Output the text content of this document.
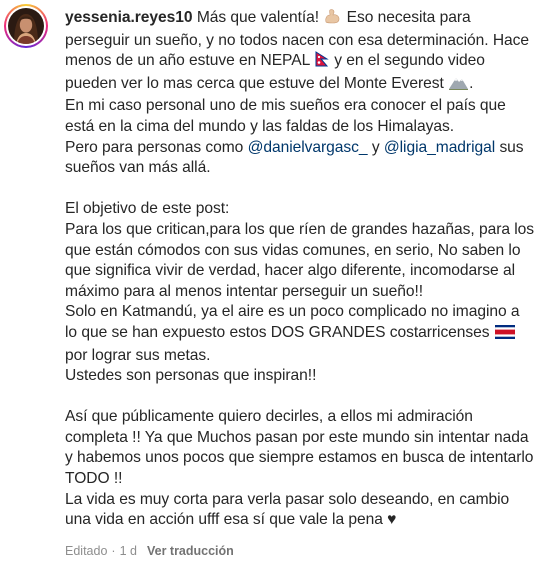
yessenia.reyes10 Más que valentía!  Eso necesita para perseguir un sueño, y no todos nacen con esa determinación. Hace menos de un año estuve en NEPAL  y en el segundo video pueden ver lo mas cerca que estuve del Monte Everest .

En mi caso personal uno de mis sueños era conocer el país que está en la cima del mundo y las faldas de los Himalayas.

Pero para personas como @danielvargasc_ y @ligia_madrigal sus sueños van más allá.

El objetivo de este post:

Para los que critican,para los que ríen de grandes hazañas, para los que están cómodos con sus vidas comunes, en serio, No saben lo que significa vivir de verdad, hacer algo diferente, incomodarse al máximo para al menos intentar perseguir un sueño!!

Solo en Katmandú, ya el aire es un poco complicado no imagino a lo que se han expuesto estos DOS GRANDES costarricenses  por lograr sus metas.

Ustedes son personas que inspiran!!

Así que públicamente quiero decirles, a ellos mi admiración completa !! Ya que Muchos pasan por este mundo sin intentar nada y habemos unos pocos que siempre estamos en busca de intentarlo TODO !!

La vida es muy corta para verla pasar solo deseando, en cambio una vida en acción ufff esa sí que vale la pena ♥

Editado · 1 d Ver traducción
